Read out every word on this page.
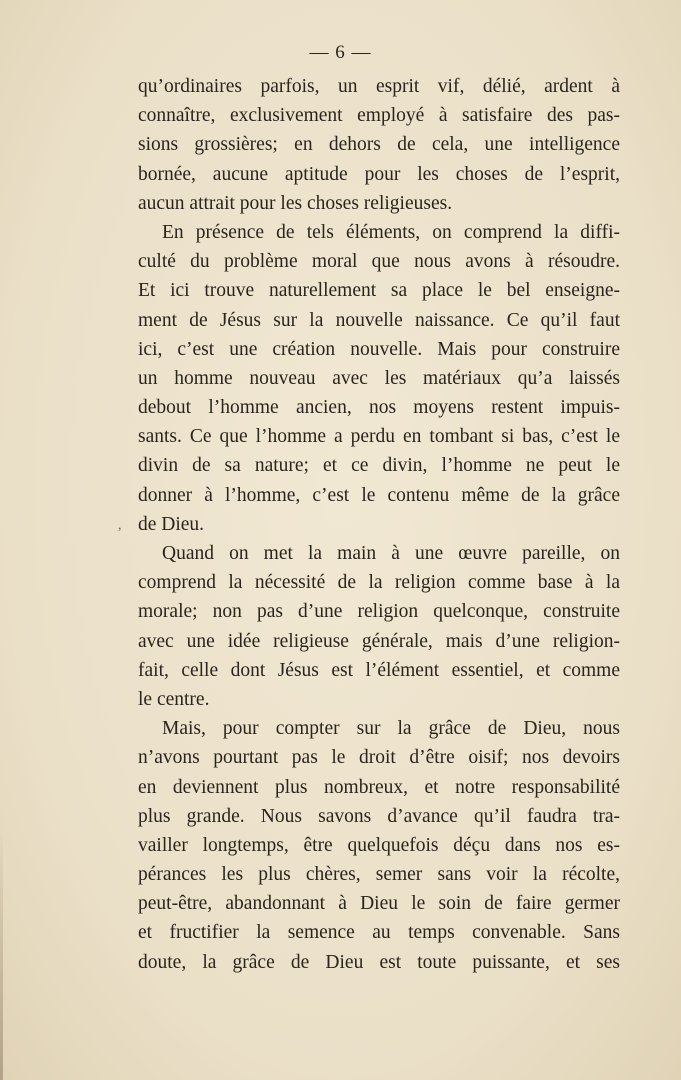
— 6 —
qu’ordinaires parfois, un esprit vif, délié, ardent à
connaître, exclusivement employé à satisfaire des pas-
sions grossières; en dehors de cela, une intelligence
bornée, aucune aptitude pour les choses de l’esprit,
aucun attrait pour les choses religieuses.
En présence de tels éléments, on comprend la diffi-
culté du problème moral que nous avons à résoudre.
Et ici trouve naturellement sa place le bel enseigne-
ment de Jésus sur la nouvelle naissance. Ce qu’il faut
ici, c’est une création nouvelle. Mais pour construire
un homme nouveau avec les matériaux qu’a laissés
debout l’homme ancien, nos moyens restent impuis-
sants. Ce que l’homme a perdu en tombant si bas, c’est le
divin de sa nature; et ce divin, l’homme ne peut le
donner à l’homme, c’est le contenu même de la grâce
de Dieu.
Quand on met la main à une œuvre pareille, on
comprend la nécessité de la religion comme base à la
morale; non pas d’une religion quelconque, construite
avec une idée religieuse générale, mais d’une religion-
fait, celle dont Jésus est l’élément essentiel, et comme
le centre.
Mais, pour compter sur la grâce de Dieu, nous
n’avons pourtant pas le droit d’être oisif; nos devoirs
en deviennent plus nombreux, et notre responsabilité
plus grande. Nous savons d’avance qu’il faudra tra-
vailler longtemps, être quelquefois déçu dans nos es-
pérances les plus chères, semer sans voir la récolte,
peut-être, abandonnant à Dieu le soin de faire germer
et fructifier la semence au temps convenable. Sans
doute, la grâce de Dieu est toute puissante, et ses
,
